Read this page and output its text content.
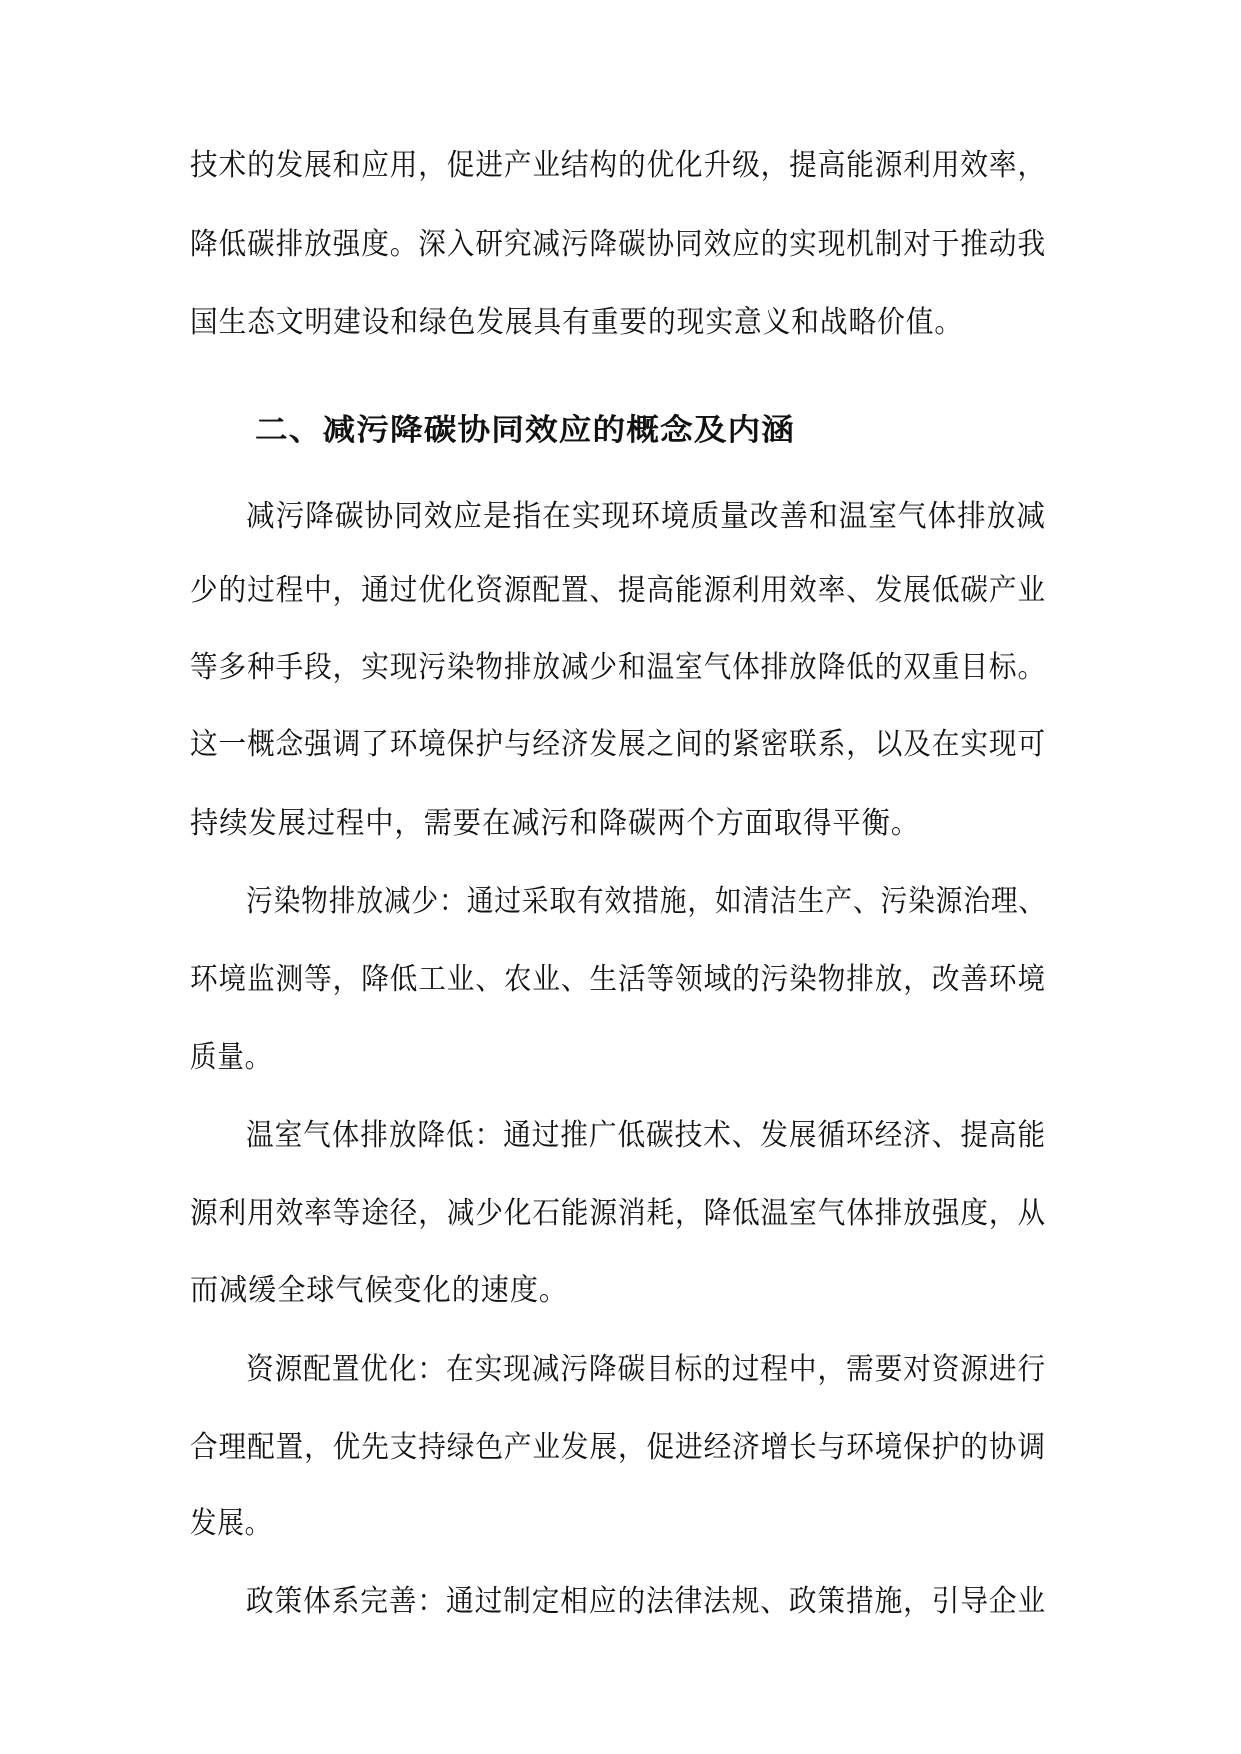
技术的发展和应用，促进产业结构的优化升级，提高能源利用效率，

降低碳排放强度。深入研究减污降碳协同效应的实现机制对于推动我

国生态文明建设和绿色发展具有重要的现实意义和战略价值。

二、减污降碳协同效应的概念及内涵

减污降碳协同效应是指在实现环境质量改善和温室气体排放减

少的过程中，通过优化资源配置、提高能源利用效率、发展低碳产业

等多种手段，实现污染物排放减少和温室气体排放降低的双重目标。

这一概念强调了环境保护与经济发展之间的紧密联系，以及在实现可

持续发展过程中，需要在减污和降碳两个方面取得平衡。

污染物排放减少：通过采取有效措施，如清洁生产、污染源治理、

环境监测等，降低工业、农业、生活等领域的污染物排放，改善环境

质量。

温室气体排放降低：通过推广低碳技术、发展循环经济、提高能

源利用效率等途径，减少化石能源消耗，降低温室气体排放强度，从

而减缓全球气候变化的速度。

资源配置优化：在实现减污降碳目标的过程中，需要对资源进行

合理配置，优先支持绿色产业发展，促进经济增长与环境保护的协调

发展。

政策体系完善：通过制定相应的法律法规、政策措施，引导企业
